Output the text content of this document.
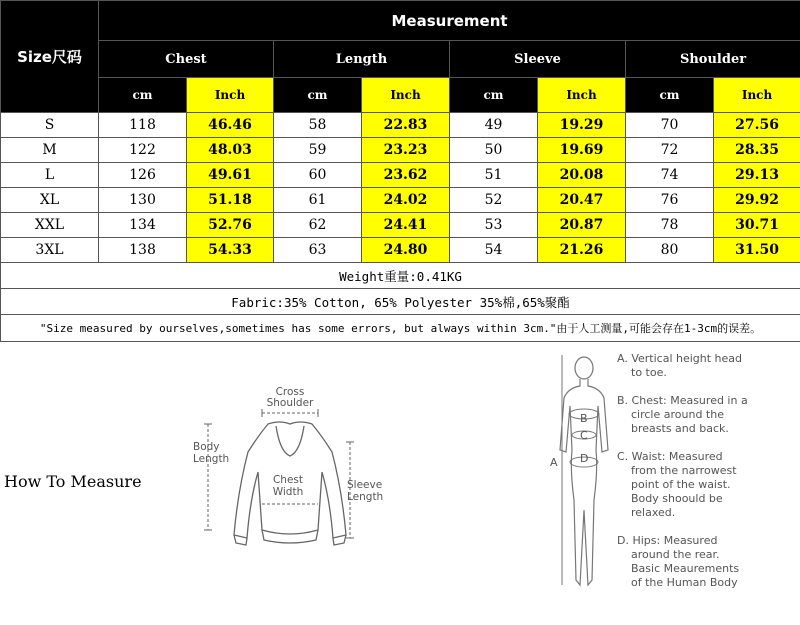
Size尺码	Measurement							
	Chest		Length		Sleeve		Shoulder	
	cm	Inch	cm	Inch	cm	Inch	cm	Inch
S	118	46.46	58	22.83	49	19.29	70	27.56
M	122	48.03	59	23.23	50	19.69	72	28.35
L	126	49.61	60	23.62	51	20.08	74	29.13
XL	130	51.18	61	24.02	52	20.47	76	29.92
XXL	134	52.76	62	24.41	53	20.87	78	30.71
3XL	138	54.33	63	24.80	54	21.26	80	31.50
Weight重量:0.41KG								
Fabric:35% Cotton, 65% Polyester 35%棉,65%聚酯								
"Size measured by ourselves,sometimes has some errors, but always within 3cm."由于人工测量,可能会存在1-3cm的误差。								
How To Measure
Cross
Shoulder
Body
Length
Chest
Width
Sleeve
Length
A
B
C
D
A. Vertical height head
to toe.
B. Chest: Measured in a
circle around the
breasts and back.
C. Waist: Measured
from the narrowest
point of the waist.
Body shoould be
relaxed.
D. Hips: Measured
around the rear.
Basic Meaurements
of the Human Body
